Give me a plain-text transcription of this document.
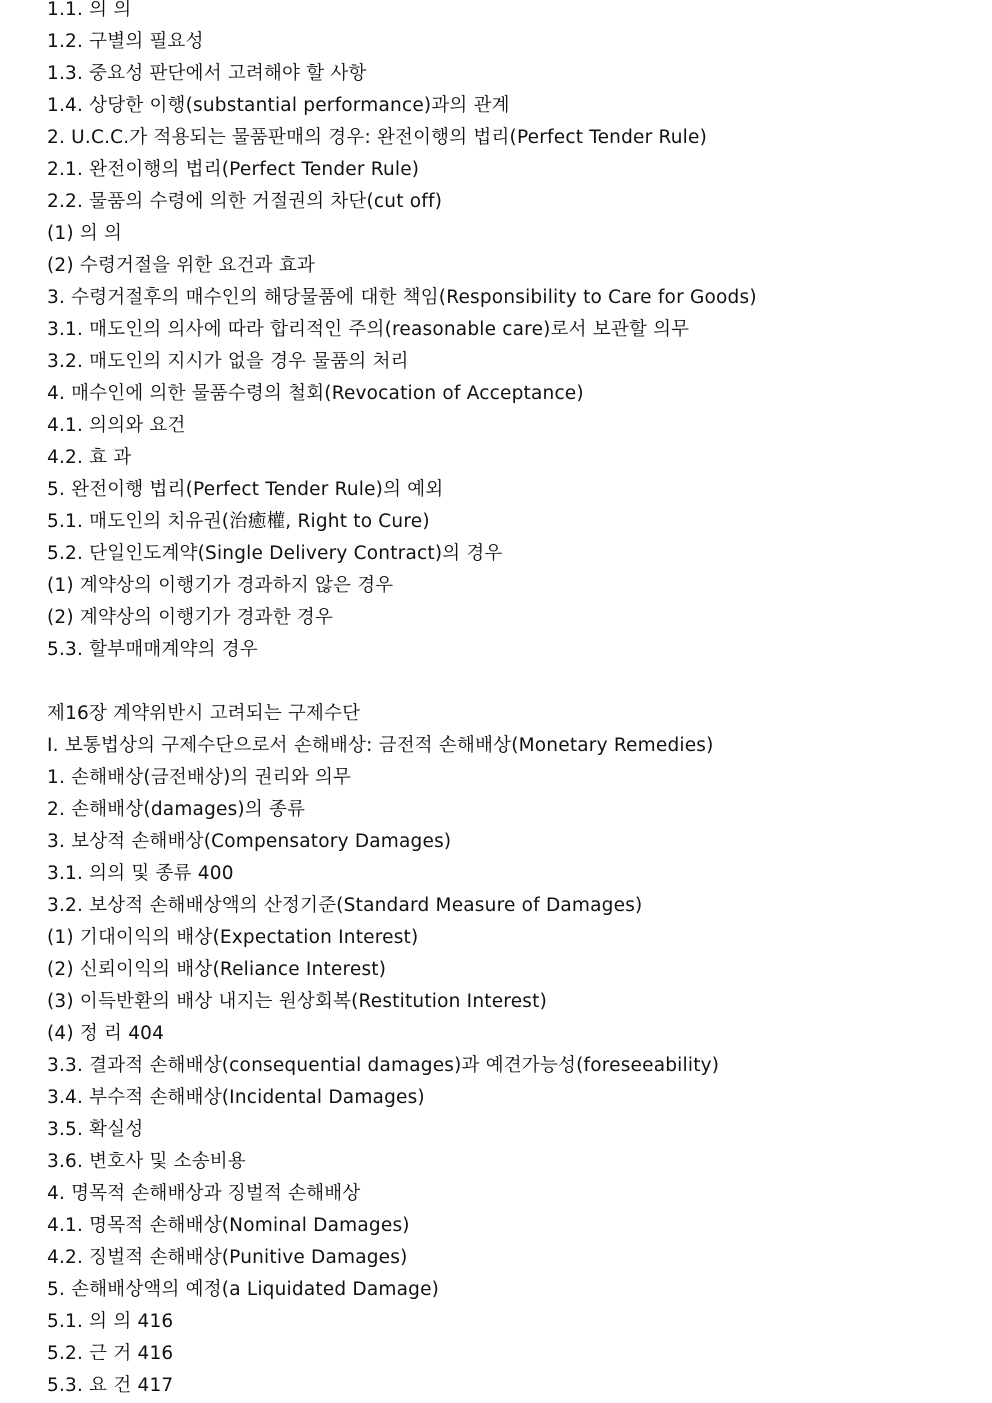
1.1. 의 의
1.2. 구별의 필요성
1.3. 중요성 판단에서 고려해야 할 사항
1.4. 상당한 이행(substantial performance)과의 관계
2. U.C.C.가 적용되는 물품판매의 경우: 완전이행의 법리(Perfect Tender Rule)
2.1. 완전이행의 법리(Perfect Tender Rule)
2.2. 물품의 수령에 의한 거절권의 차단(cut off)
(1) 의 의
(2) 수령거절을 위한 요건과 효과
3. 수령거절후의 매수인의 해당물품에 대한 책임(Responsibility to Care for Goods)
3.1. 매도인의 의사에 따라 합리적인 주의(reasonable care)로서 보관할 의무
3.2. 매도인의 지시가 없을 경우 물품의 처리
4. 매수인에 의한 물품수령의 철회(Revocation of Acceptance)
4.1. 의의와 요건
4.2. 효 과
5. 완전이행 법리(Perfect Tender Rule)의 예외
5.1. 매도인의 치유권(治癒權, Right to Cure)
5.2. 단일인도계약(Single Delivery Contract)의 경우
(1) 계약상의 이행기가 경과하지 않은 경우
(2) 계약상의 이행기가 경과한 경우
5.3. 할부매매계약의 경우
제16장 계약위반시 고려되는 구제수단
Ⅰ. 보통법상의 구제수단으로서 손해배상: 금전적 손해배상(Monetary Remedies)
1. 손해배상(금전배상)의 권리와 의무
2. 손해배상(damages)의 종류
3. 보상적 손해배상(Compensatory Damages)
3.1. 의의 및 종류 400
3.2. 보상적 손해배상액의 산정기준(Standard Measure of Damages)
(1) 기대이익의 배상(Expectation Interest)
(2) 신뢰이익의 배상(Reliance Interest)
(3) 이득반환의 배상 내지는 원상회복(Restitution Interest)
(4) 정 리 404
3.3. 결과적 손해배상(consequential damages)과 예견가능성(foreseeability)
3.4. 부수적 손해배상(Incidental Damages)
3.5. 확실성
3.6. 변호사 및 소송비용
4. 명목적 손해배상과 징벌적 손해배상
4.1. 명목적 손해배상(Nominal Damages)
4.2. 징벌적 손해배상(Punitive Damages)
5. 손해배상액의 예정(a Liquidated Damage)
5.1. 의 의 416
5.2. 근 거 416
5.3. 요 건 417
